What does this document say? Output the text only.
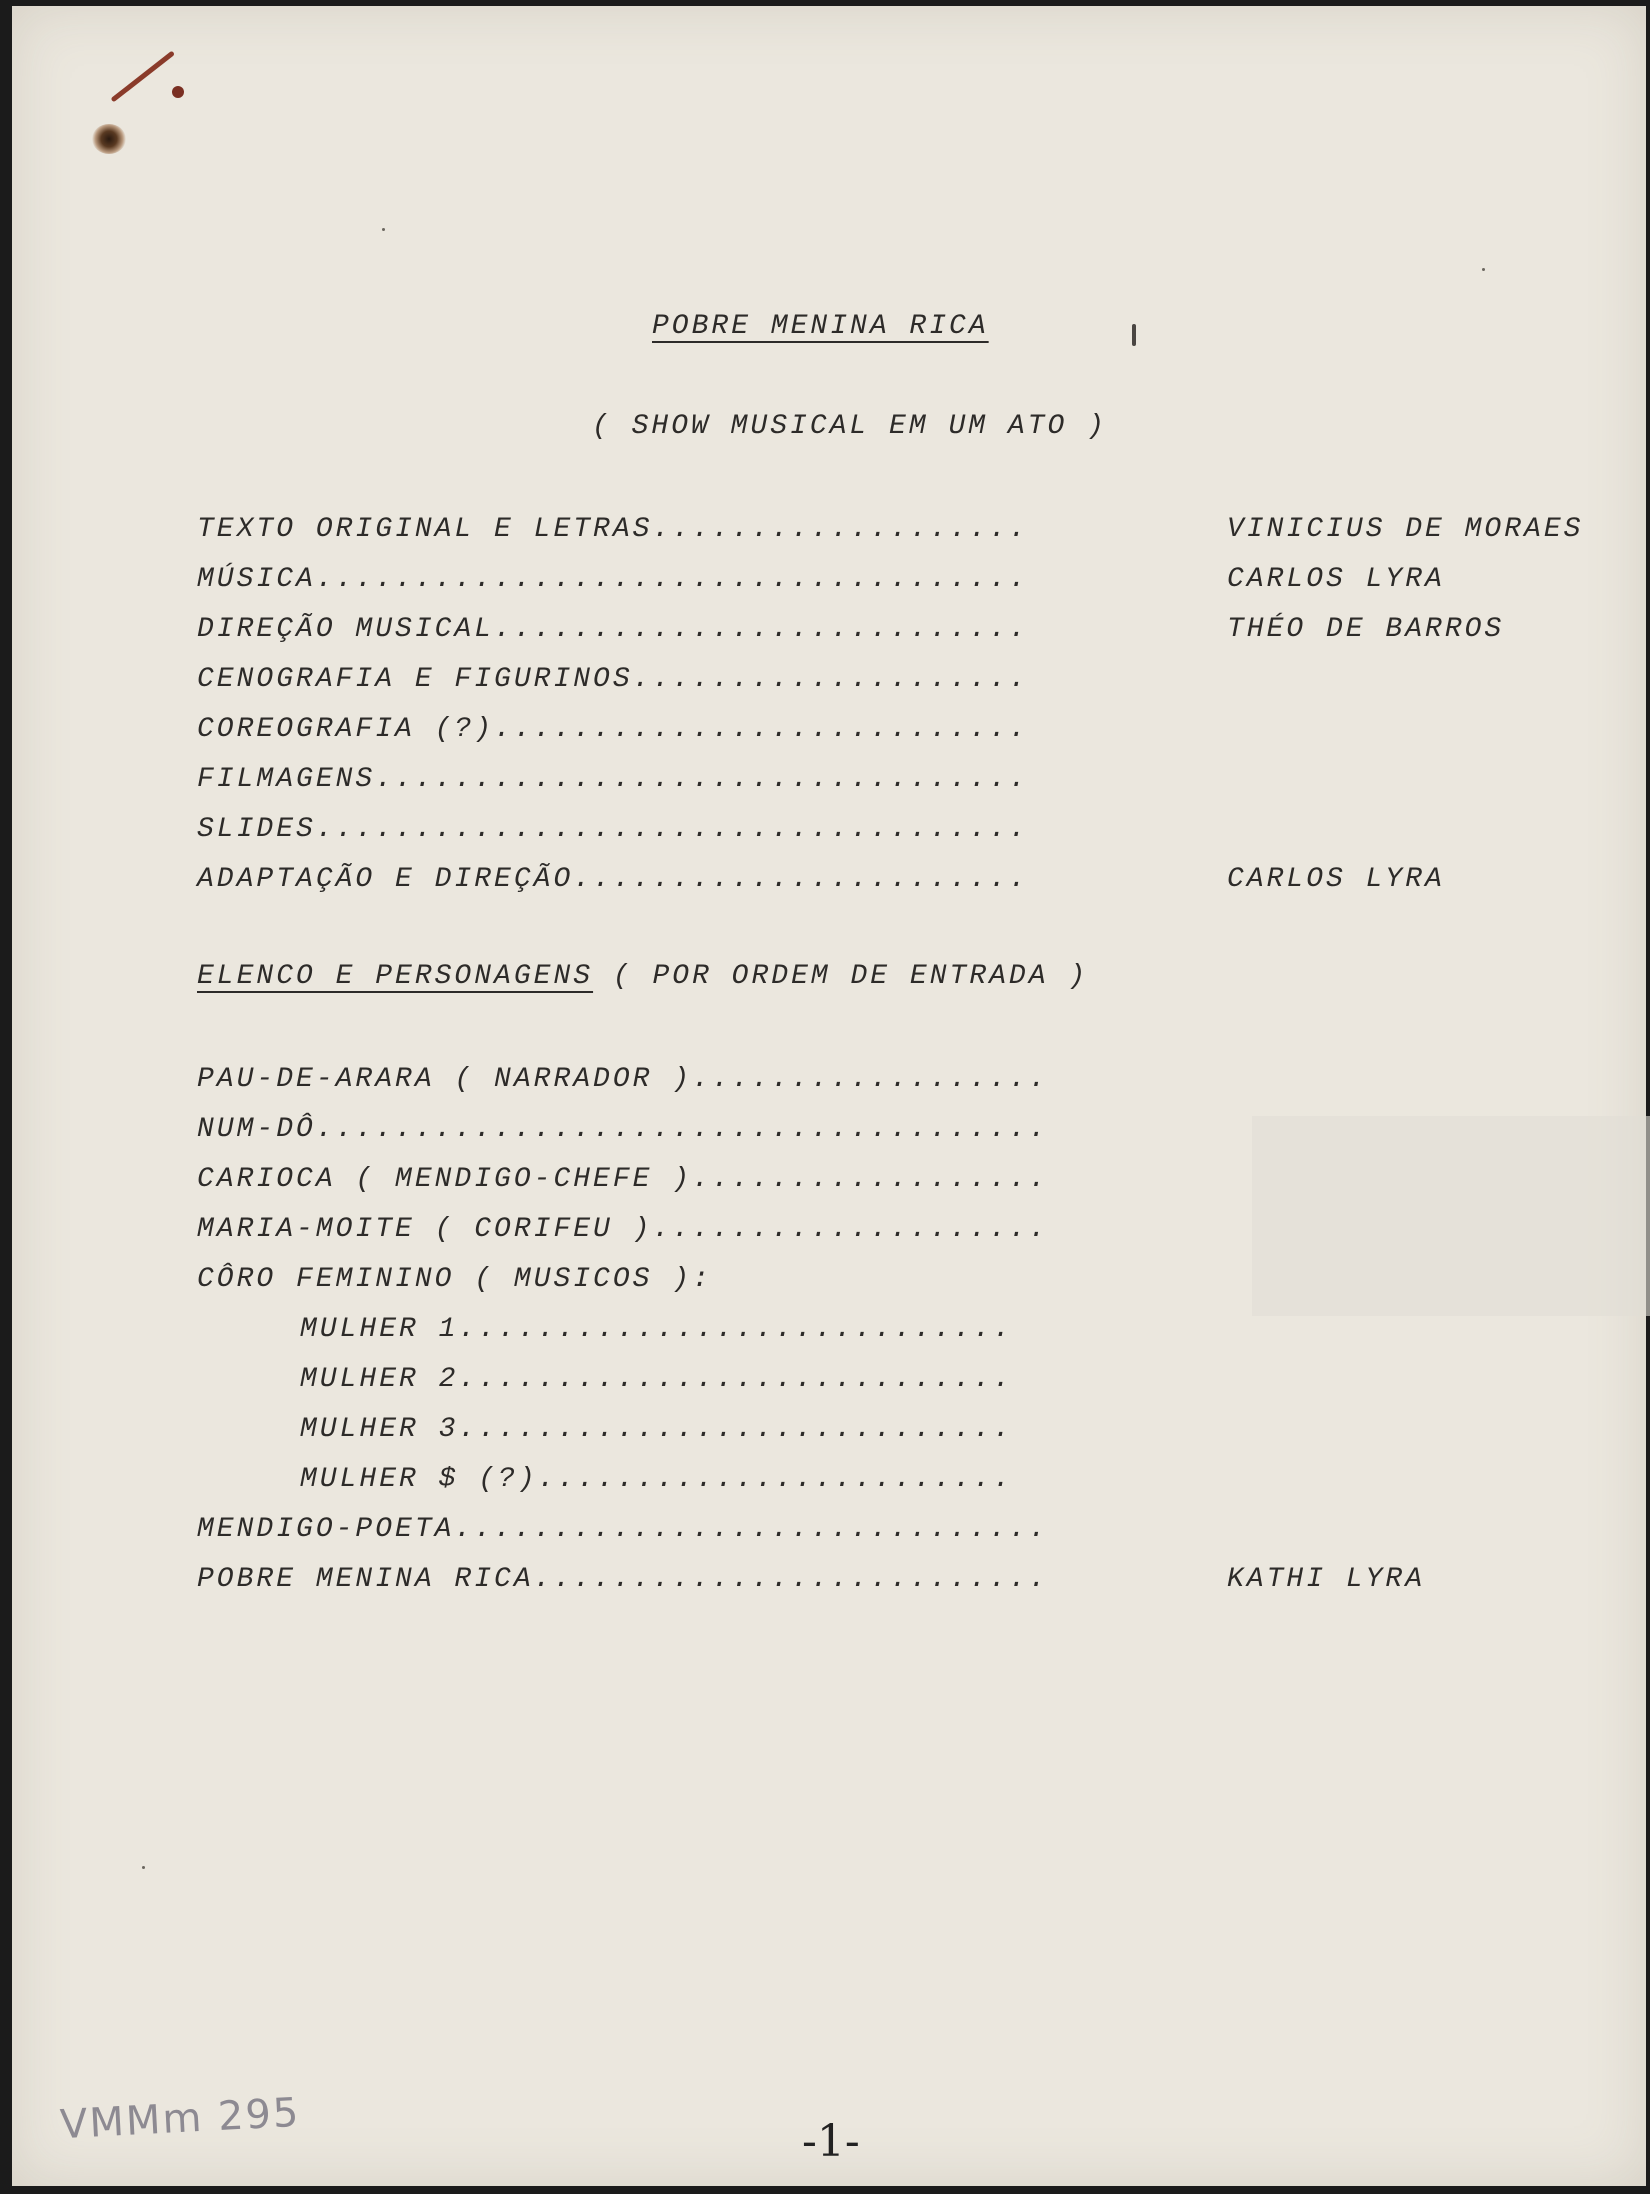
POBRE MENINA RICA
( SHOW MUSICAL EM UM ATO )
TEXTO ORIGINAL E LETRAS...................	VINICIUS DE MORAES
MÚSICA....................................	CARLOS LYRA
DIREÇÃO MUSICAL...........................	THÉO DE BARROS
CENOGRAFIA E FIGURINOS....................
COREOGRAFIA (?)...........................
FILMAGENS.................................
SLIDES....................................
ADAPTAÇÃO E DIREÇÃO.......................	CARLOS LYRA
ELENCO E PERSONAGENS ( POR ORDEM DE ENTRADA )
PAU-DE-ARARA ( NARRADOR )..................
NUM-DÔ.....................................
CARIOCA ( MENDIGO-CHEFE )..................
MARIA-MOITE ( CORIFEU )....................
CÔRO FEMININO ( MUSICOS ):
MULHER 1............................
MULHER 2............................
MULHER 3............................
MULHER $ (?)........................
MENDIGO-POETA..............................
POBRE MENINA RICA..........................	KATHI LYRA
VMMm 295	-1-
